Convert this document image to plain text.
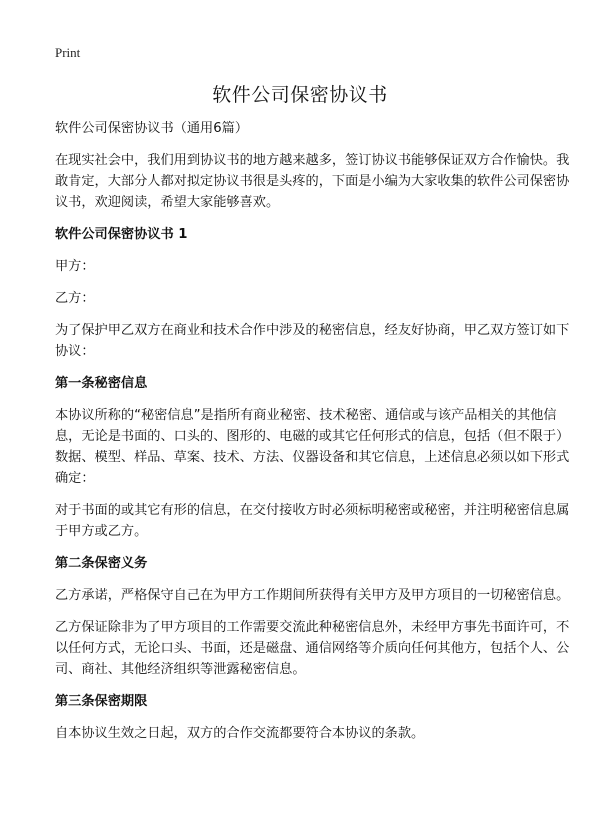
Print
软件公司保密协议书

软件公司保密协议书（通用6篇）

在现实社会中，我们用到协议书的地方越来越多，签订协议书能够保证双方合作愉快。我敢肯定，大部分人都对拟定协议书很是头疼的，下面是小编为大家收集的软件公司保密协议书，欢迎阅读，希望大家能够喜欢。

软件公司保密协议书 1

甲方：

乙方：

为了保护甲乙双方在商业和技术合作中涉及的秘密信息，经友好协商，甲乙双方签订如下协议：

第一条秘密信息

本协议所称的“秘密信息”是指所有商业秘密、技术秘密、通信或与该产品相关的其他信息，无论是书面的、口头的、图形的、电磁的或其它任何形式的信息，包括（但不限于）数据、模型、样品、草案、技术、方法、仪器设备和其它信息，上述信息必须以如下形式确定：

对于书面的或其它有形的信息，在交付接收方时必须标明秘密或秘密，并注明秘密信息属于甲方或乙方。

第二条保密义务

乙方承诺，严格保守自己在为甲方工作期间所获得有关甲方及甲方项目的一切秘密信息。

乙方保证除非为了甲方项目的工作需要交流此种秘密信息外，未经甲方事先书面许可，不以任何方式，无论口头、书面，还是磁盘、通信网络等介质向任何其他方，包括个人、公司、商社、其他经济组织等泄露秘密信息。

第三条保密期限

自本协议生效之日起，双方的合作交流都要符合本协议的条款。
